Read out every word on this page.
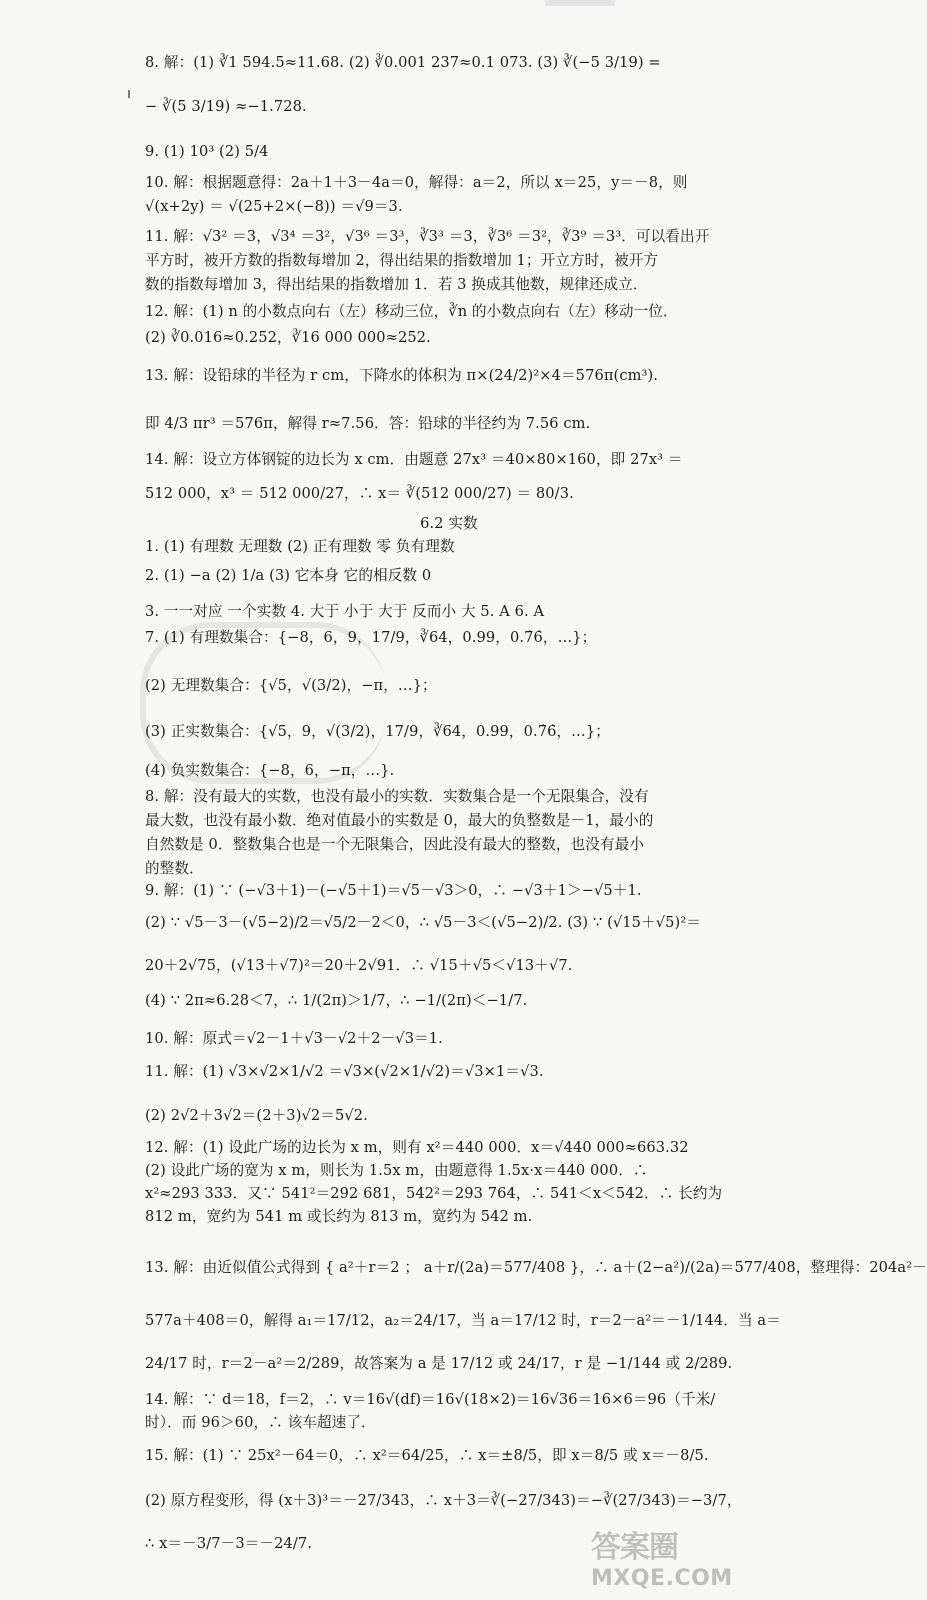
8. 解：(1) ∛1 594.5≈11.68. (2) ∛0.001 237≈0.1 073. (3) ∛(−5 3/19) =
− ∛(5 3/19) ≈−1.728.
9. (1) 10³ (2) 5/4
10. 解：根据题意得：2a＋1＋3－4a＝0，解得：a＝2，所以 x＝25，y＝－8，则
√(x+2y) ＝ √(25+2×(−8)) ＝√9＝3.
11. 解：√3² ＝3，√3⁴ ＝3²，√3⁶ ＝3³，∛3³ ＝3，∛3⁶ ＝3²，∛3⁹ ＝3³．可以看出开
平方时，被开方数的指数每增加 2，得出结果的指数增加 1；开立方时，被开方
数的指数每增加 3，得出结果的指数增加 1．若 3 换成其他数，规律还成立．
12. 解：(1) n 的小数点向右（左）移动三位，∛n 的小数点向右（左）移动一位．
(2) ∛0.016≈0.252，∛16 000 000≈252.
13. 解：设铅球的半径为 r cm，下降水的体积为 π×(24/2)²×4＝576π(cm³).
即 4/3 πr³ ＝576π，解得 r≈7.56．答：铅球的半径约为 7.56 cm.
14. 解：设立方体钢锭的边长为 x cm．由题意 27x³ ＝40×80×160，即 27x³ ＝
512 000，x³ ＝ 512 000/27，∴ x＝ ∛(512 000/27) ＝ 80/3.
6.2 实数
1. (1) 有理数 无理数 (2) 正有理数 零 负有理数
2. (1) −a (2) 1/a (3) 它本身 它的相反数 0
3. 一一对应 一个实数 4. 大于 小于 大于 反而小 大 5. A 6. A
7. (1) 有理数集合：{−8，6，9，17/9，∛64，0.99，0.7̇6̇，…}；
(2) 无理数集合：{√5，√(3/2)，−π，…}；
(3) 正实数集合：{√5，9，√(3/2)，17/9，∛64，0.99，0.7̇6̇，…}；
(4) 负实数集合：{−8，6，−π，…}.
8. 解：没有最大的实数，也没有最小的实数．实数集合是一个无限集合，没有
最大数，也没有最小数．绝对值最小的实数是 0，最大的负整数是－1，最小的
自然数是 0．整数集合也是一个无限集合，因此没有最大的整数，也没有最小
的整数．
9. 解：(1) ∵ (−√3＋1)－(−√5＋1)＝√5－√3＞0，∴ −√3＋1＞−√5＋1.
(2) ∵ √5－3－(√5−2)/2＝√5/2－2＜0，∴ √5－3＜(√5−2)/2. (3) ∵ (√15＋√5)²＝
20＋2√75，(√13＋√7)²＝20＋2√91．∴ √15＋√5＜√13＋√7.
(4) ∵ 2π≈6.28＜7，∴ 1/(2π)＞1/7，∴ −1/(2π)＜−1/7.
10. 解：原式＝√2－1＋√3－√2＋2－√3＝1.
11. 解：(1) √3×√2×1/√2 ＝√3×(√2×1/√2)＝√3×1＝√3.
(2) 2√2＋3√2＝(2＋3)√2＝5√2.
12. 解：(1) 设此广场的边长为 x m，则有 x²＝440 000．x＝√440 000≈663.32
(2) 设此广场的宽为 x m，则长为 1.5x m，由题意得 1.5x·x＝440 000．∴
x²≈293 333．又∵ 541²＝292 681，542²＝293 764，∴ 541＜x＜542．∴ 长约为
812 m，宽约为 541 m 或长约为 813 m，宽约为 542 m.
13. 解：由近似值公式得到 { a²＋r＝2 ； a＋r/(2a)＝577/408 }，∴ a＋(2−a²)/(2a)＝577/408，整理得：204a²－
577a＋408＝0，解得 a₁＝17/12，a₂＝24/17，当 a＝17/12 时，r＝2－a²＝－1/144．当 a＝
24/17 时，r＝2－a²＝2/289，故答案为 a 是 17/12 或 24/17，r 是 −1/144 或 2/289.
14. 解：∵ d＝18，f＝2，∴ v＝16√(df)＝16√(18×2)＝16√36＝16×6＝96（千米/
时）．而 96＞60，∴ 该车超速了．
15. 解：(1) ∵ 25x²－64＝0，∴ x²＝64/25，∴ x＝±8/5，即 x＝8/5 或 x＝－8/5.
(2) 原方程变形，得 (x＋3)³＝－27/343，∴ x＋3＝∛(−27/343)＝−∛(27/343)＝−3/7，
∴ x＝－3/7－3＝－24/7.	答案圈
MXQE.COM
